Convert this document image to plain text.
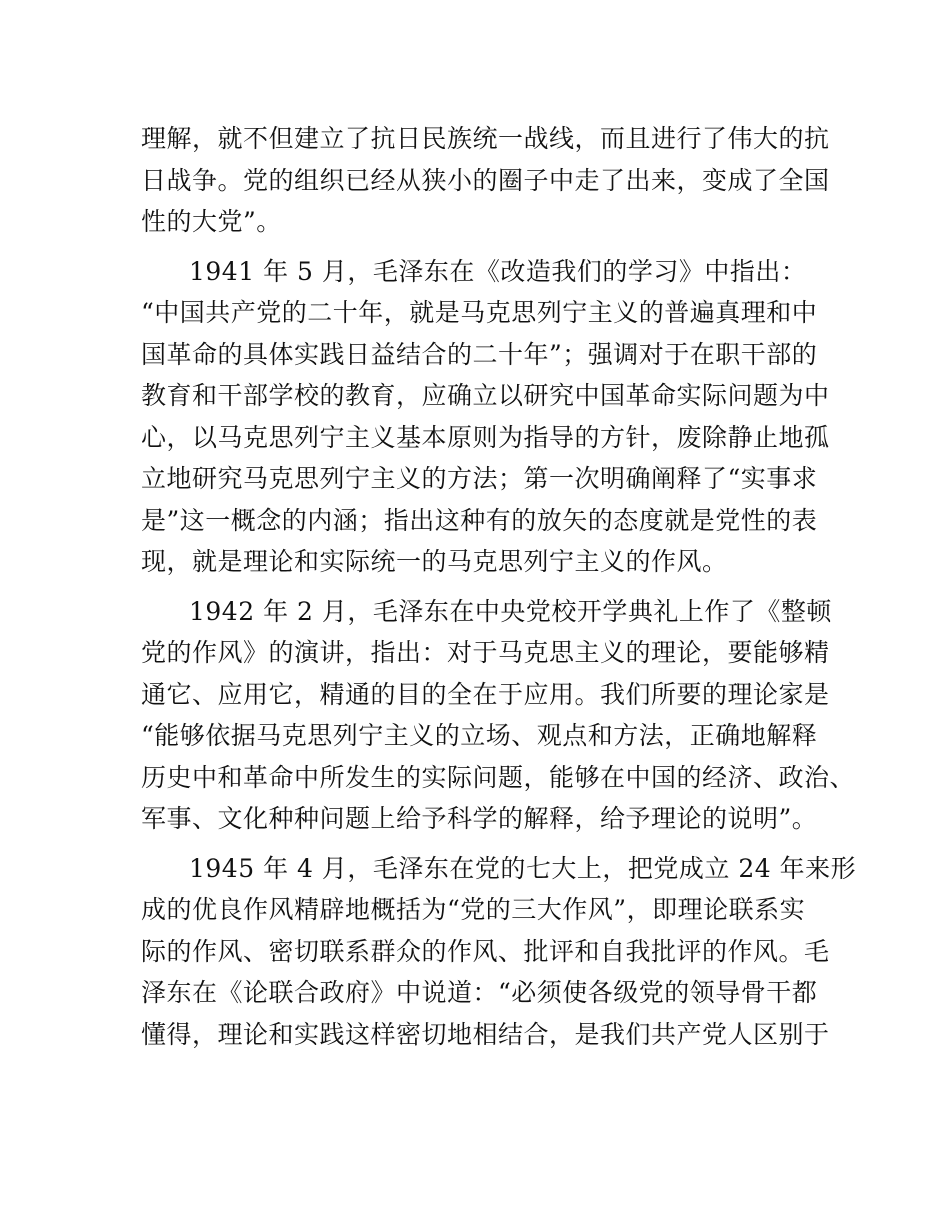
理解，就不但建立了抗日民族统一战线，而且进行了伟大的抗
日战争。党的组织已经从狭小的圈子中走了出来，变成了全国
性的大党”。
1941 年 5 月，毛泽东在《改造我们的学习》中指出：
“中国共产党的二十年，就是马克思列宁主义的普遍真理和中
国革命的具体实践日益结合的二十年”；强调对于在职干部的
教育和干部学校的教育，应确立以研究中国革命实际问题为中
心，以马克思列宁主义基本原则为指导的方针，废除静止地孤
立地研究马克思列宁主义的方法；第一次明确阐释了“实事求
是”这一概念的内涵；指出这种有的放矢的态度就是党性的表
现，就是理论和实际统一的马克思列宁主义的作风。
1942 年 2 月，毛泽东在中央党校开学典礼上作了《整顿
党的作风》的演讲，指出：对于马克思主义的理论，要能够精
通它、应用它，精通的目的全在于应用。我们所要的理论家是
“能够依据马克思列宁主义的立场、观点和方法，正确地解释
历史中和革命中所发生的实际问题，能够在中国的经济、政治、
军事、文化种种问题上给予科学的解释，给予理论的说明”。
1945 年 4 月，毛泽东在党的七大上，把党成立 24 年来形
成的优良作风精辟地概括为“党的三大作风”，即理论联系实
际的作风、密切联系群众的作风、批评和自我批评的作风。毛
泽东在《论联合政府》中说道：“必须使各级党的领导骨干都
懂得，理论和实践这样密切地相结合，是我们共产党人区别于
